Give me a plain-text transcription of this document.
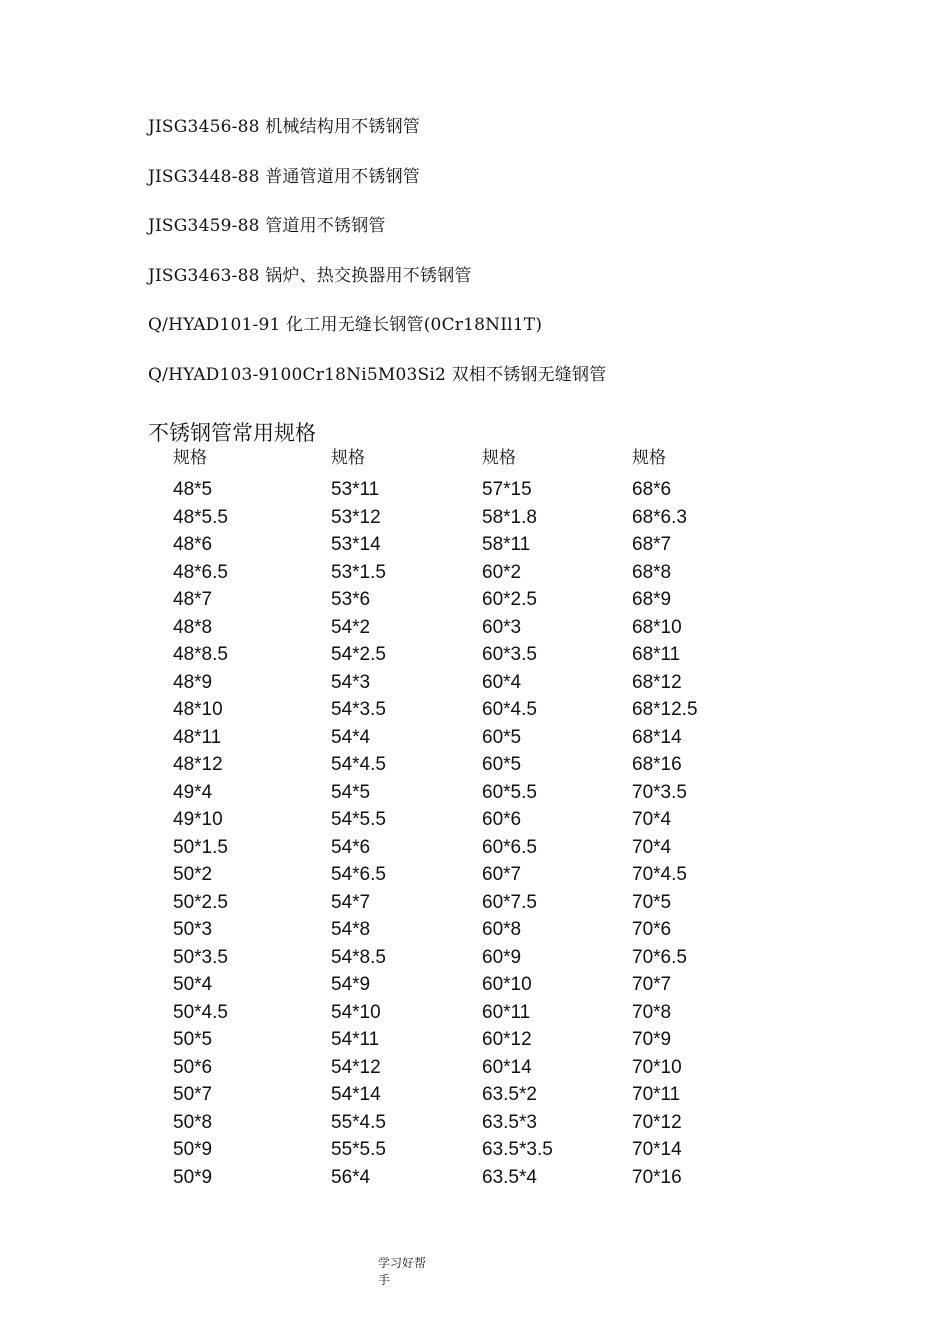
JISG3456-88 机械结构用不锈钢管
JISG3448-88 普通管道用不锈钢管
JISG3459-88 管道用不锈钢管
JISG3463-88 锅炉、热交换器用不锈钢管
Q/HYAD101-91 化工用无缝长钢管(0Cr18NIl1T)
Q/HYAD103-9100Cr18Ni5M03Si2 双相不锈钢无缝钢管
不锈钢管常用规格
规格
48*5
48*5.5
48*6
48*6.5
48*7
48*8
48*8.5
48*9
48*10
48*11
48*12
49*4
49*10
50*1.5
50*2
50*2.5
50*3
50*3.5
50*4
50*4.5
50*5
50*6
50*7
50*8
50*9
50*9
规格
53*11
53*12
53*14
53*1.5
53*6
54*2
54*2.5
54*3
54*3.5
54*4
54*4.5
54*5
54*5.5
54*6
54*6.5
54*7
54*8
54*8.5
54*9
54*10
54*11
54*12
54*14
55*4.5
55*5.5
56*4
规格
57*15
58*1.8
58*11
60*2
60*2.5
60*3
60*3.5
60*4
60*4.5
60*5
60*5
60*5.5
60*6
60*6.5
60*7
60*7.5
60*8
60*9
60*10
60*11
60*12
60*14
63.5*2
63.5*3
63.5*3.5
63.5*4
规格
68*6
68*6.3
68*7
68*8
68*9
68*10
68*11
68*12
68*12.5
68*14
68*16
70*3.5
70*4
70*4
70*4.5
70*5
70*6
70*6.5
70*7
70*8
70*9
70*10
70*11
70*12
70*14
70*16
学习好帮
手
